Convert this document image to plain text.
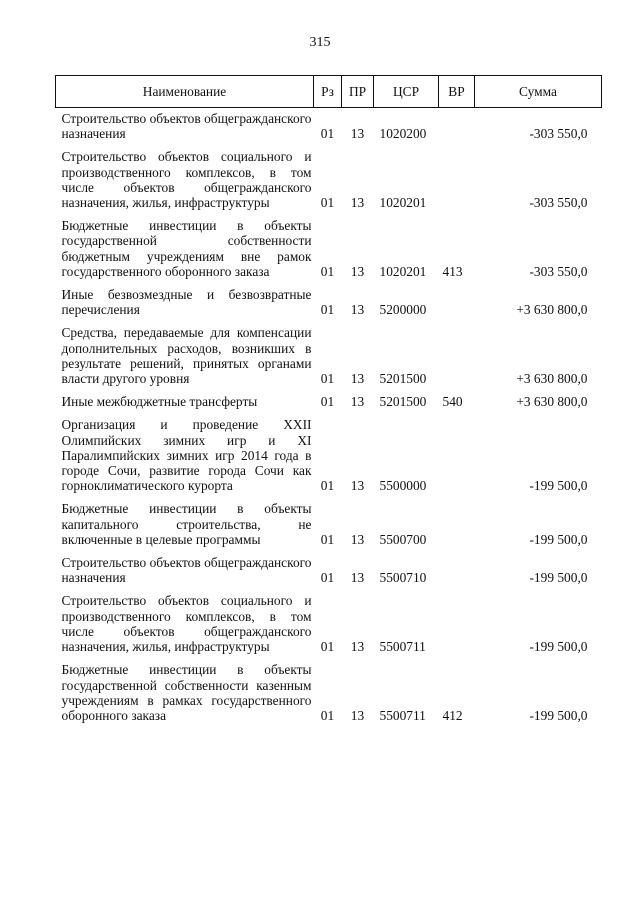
315
Наименование	Рз	ПР	ЦСР	ВР	Сумма
Строительство объектов общегражданского назначения	01	13	1020200		-303 550,0
Строительство объектов социального и производственного комплексов, в том числе объектов общегражданского назначения, жилья, инфраструктуры	01	13	1020201		-303 550,0
Бюджетные инвестиции в объекты государственной собственности бюджетным учреждениям вне рамок государственного оборонного заказа	01	13	1020201	413	-303 550,0
Иные безвозмездные и безвозвратные перечисления	01	13	5200000		+3 630 800,0
Средства, передаваемые для компенсации дополнительных расходов, возникших в результате решений, принятых органами власти другого уровня	01	13	5201500		+3 630 800,0
Иные межбюджетные трансферты	01	13	5201500	540	+3 630 800,0
Организация и проведение XXII Олимпийских зимних игр и XI Паралимпийских зимних игр 2014 года в городе Сочи, развитие города Сочи как горноклиматического курорта	01	13	5500000		-199 500,0
Бюджетные инвестиции в объекты капитального строительства, не включенные в целевые программы	01	13	5500700		-199 500,0
Строительство объектов общегражданского назначения	01	13	5500710		-199 500,0
Строительство объектов социального и производственного комплексов, в том числе объектов общегражданского назначения, жилья, инфраструктуры	01	13	5500711		-199 500,0
Бюджетные инвестиции в объекты государственной собственности казенным учреждениям в рамках государственного оборонного заказа	01	13	5500711	412	-199 500,0
